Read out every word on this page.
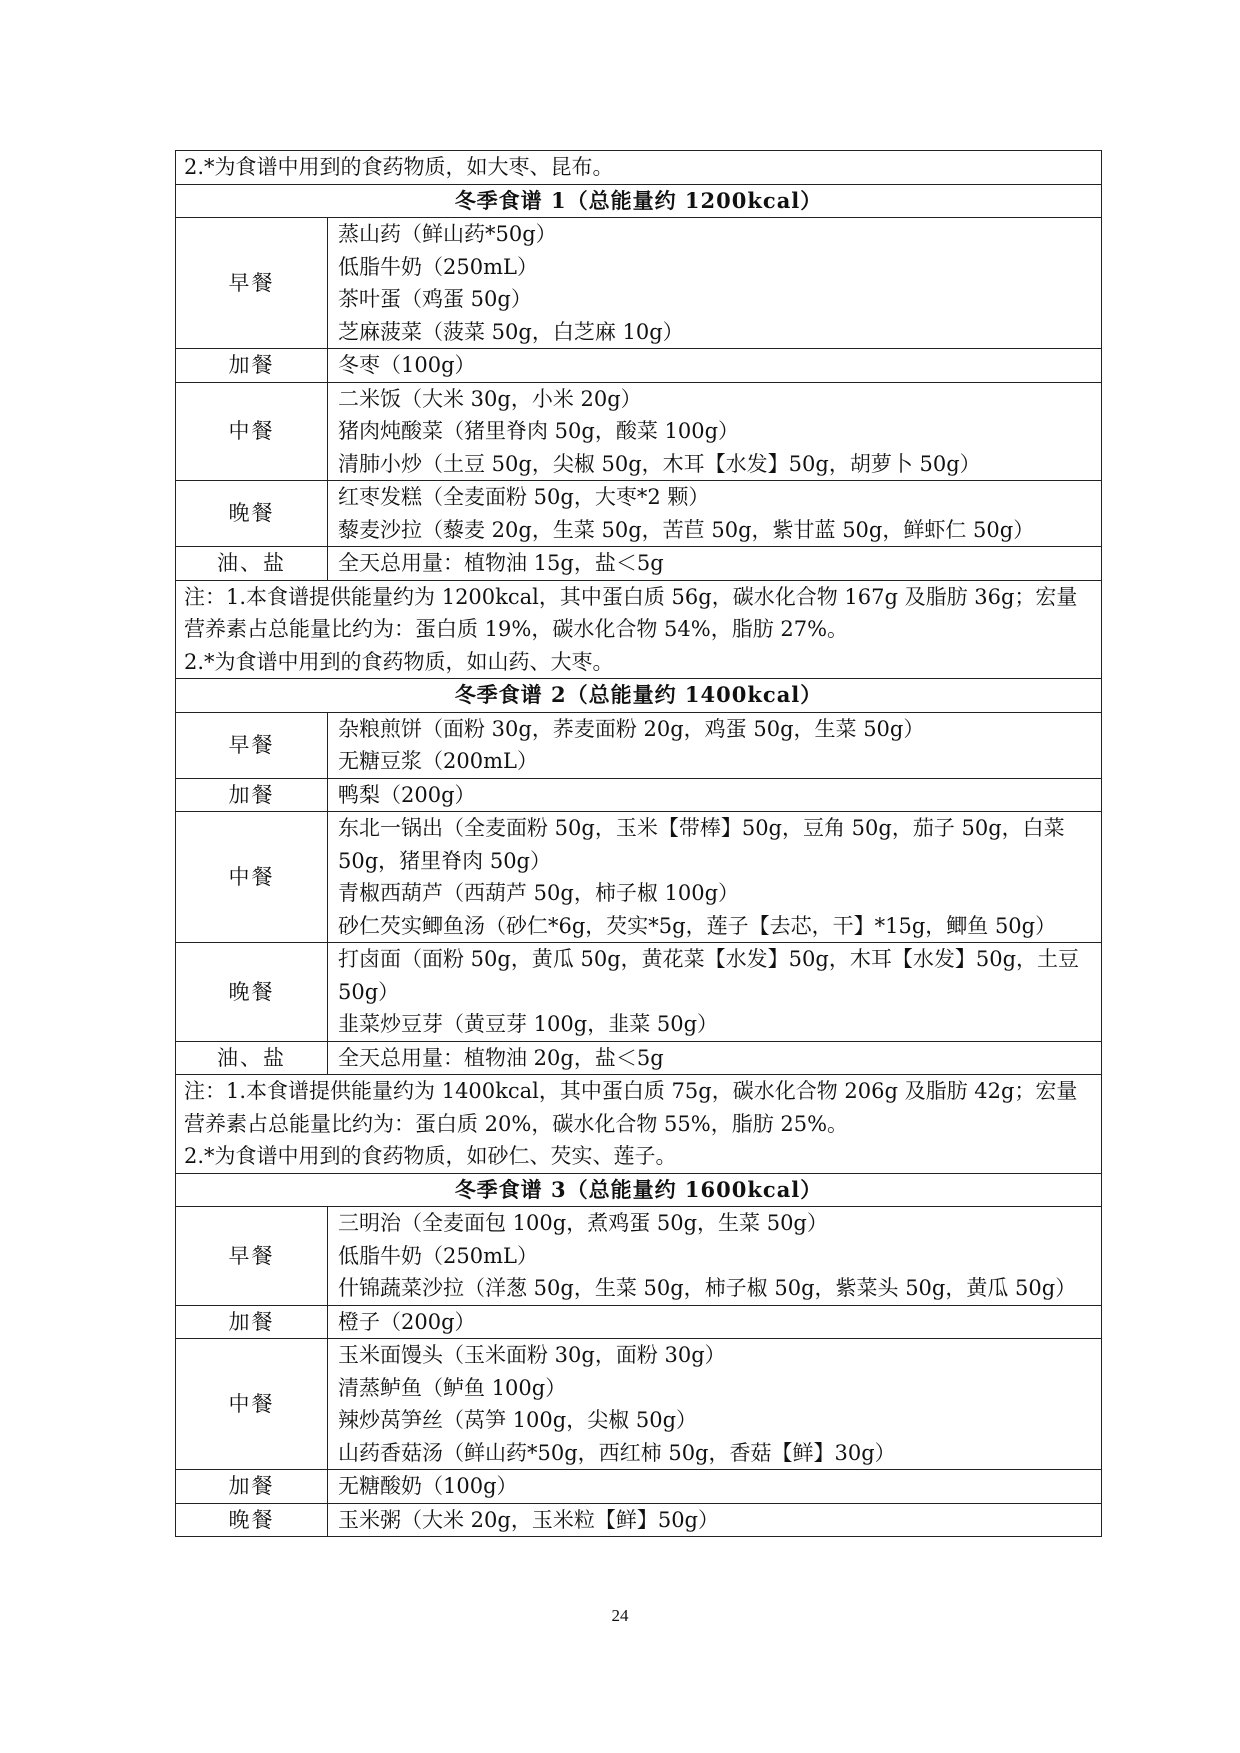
2.*为食谱中用到的食药物质，如大枣、昆布。	

冬季食谱 1（总能量约 1200kcal）	
早餐	蒸山药（鲜山药*50g）
低脂牛奶（250mL）
茶叶蛋（鸡蛋 50g）
芝麻菠菜（菠菜 50g，白芝麻 10g）

加餐	冬枣（100g）

中餐	二米饭（大米 30g，小米 20g）
猪肉炖酸菜（猪里脊肉 50g，酸菜 100g）
清肺小炒（土豆 50g，尖椒 50g，木耳【水发】50g，胡萝卜 50g）

晚餐	红枣发糕（全麦面粉 50g，大枣*2 颗）
藜麦沙拉（藜麦 20g，生菜 50g，苦苣 50g，紫甘蓝 50g，鲜虾仁 50g）

油、盐	全天总用量：植物油 15g，盐＜5g

注：1.本食谱提供能量约为 1200kcal，其中蛋白质 56g，碳水化合物 167g 及脂肪 36g；宏量营养素占总能量比约为：蛋白质 19%，碳水化合物 54%，脂肪 27%。
2.*为食谱中用到的食药物质，如山药、大枣。	

冬季食谱 2（总能量约 1400kcal）	
早餐	杂粮煎饼（面粉 30g，荞麦面粉 20g，鸡蛋 50g，生菜 50g）
无糖豆浆（200mL）

加餐	鸭梨（200g）

中餐	东北一锅出（全麦面粉 50g，玉米【带棒】50g，豆角 50g，茄子 50g，白菜 50g，猪里脊肉 50g）
青椒西葫芦（西葫芦 50g，柿子椒 100g）
砂仁芡实鲫鱼汤（砂仁*6g，芡实*5g，莲子【去芯，干】*15g，鲫鱼 50g）

晚餐	打卤面（面粉 50g，黄瓜 50g，黄花菜【水发】50g，木耳【水发】50g，土豆 50g）
韭菜炒豆芽（黄豆芽 100g，韭菜 50g）

油、盐	全天总用量：植物油 20g，盐＜5g

注：1.本食谱提供能量约为 1400kcal，其中蛋白质 75g，碳水化合物 206g 及脂肪 42g；宏量营养素占总能量比约为：蛋白质 20%，碳水化合物 55%，脂肪 25%。
2.*为食谱中用到的食药物质，如砂仁、芡实、莲子。	

冬季食谱 3（总能量约 1600kcal）	
早餐	三明治（全麦面包 100g，煮鸡蛋 50g，生菜 50g）
低脂牛奶（250mL）
什锦蔬菜沙拉（洋葱 50g，生菜 50g，柿子椒 50g，紫菜头 50g，黄瓜 50g）

加餐	橙子（200g）

中餐	玉米面馒头（玉米面粉 30g，面粉 30g）
清蒸鲈鱼（鲈鱼 100g）
辣炒莴笋丝（莴笋 100g，尖椒 50g）
山药香菇汤（鲜山药*50g，西红柿 50g，香菇【鲜】30g）

加餐	无糖酸奶（100g）

晚餐	玉米粥（大米 20g，玉米粒【鲜】50g）
24
